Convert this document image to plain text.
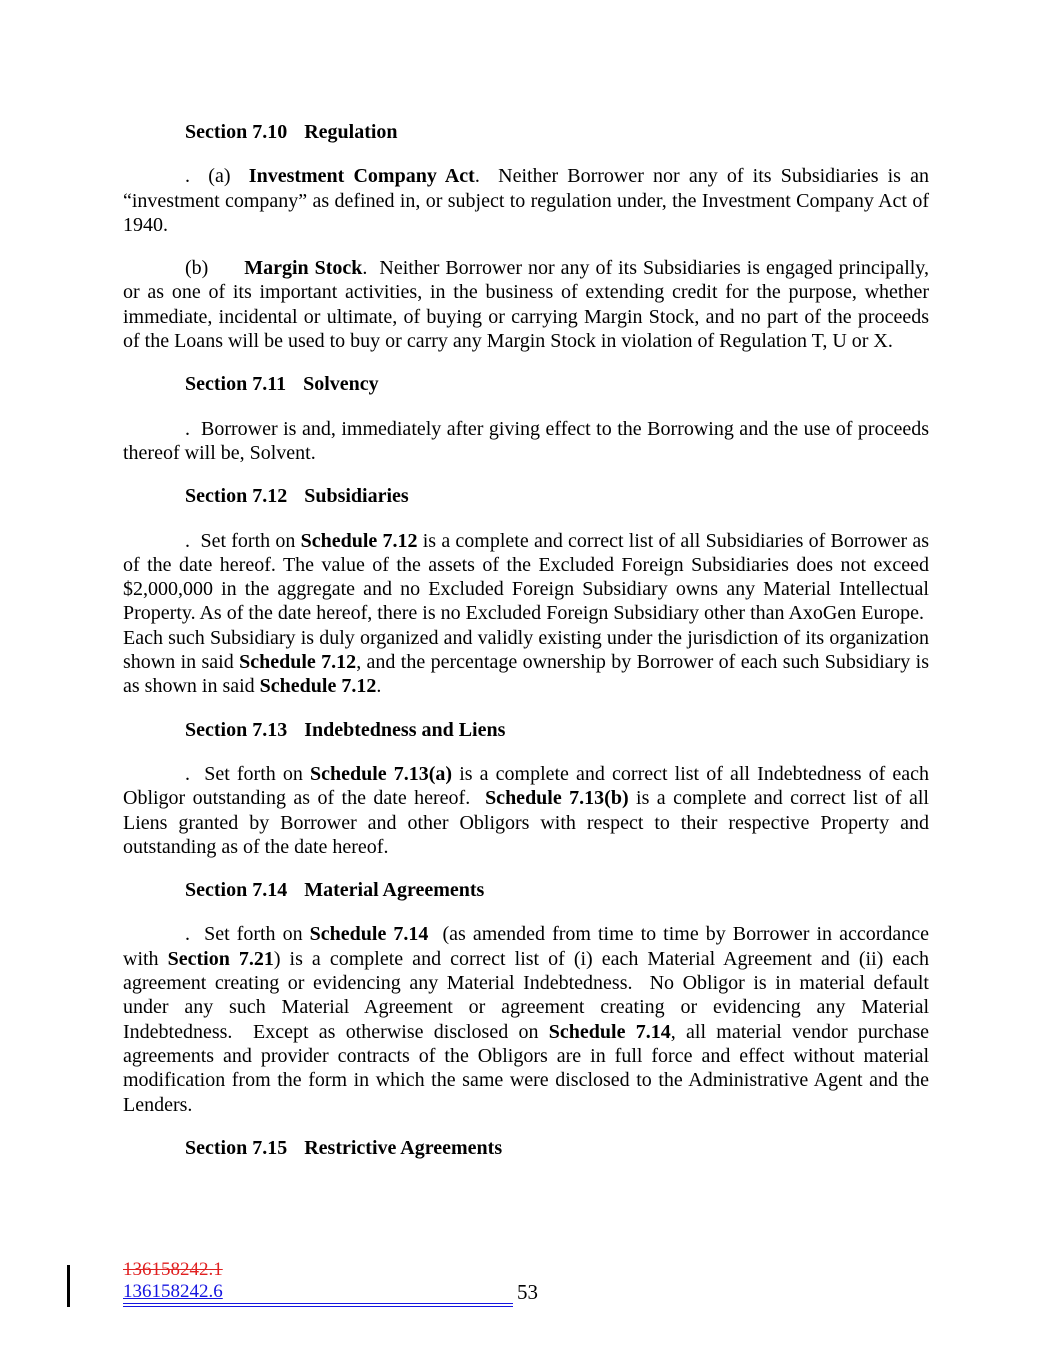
Section 7.10 Regulation

.  (a)  Investment Company Act.  Neither Borrower nor any of its Subsidiaries is an “investment company” as defined in, or subject to regulation under, the Investment Company Act of 1940.

(b)      Margin Stock.  Neither Borrower nor any of its Subsidiaries is engaged principally, or as one of its important activities, in the business of extending credit for the purpose, whether immediate, incidental or ultimate, of buying or carrying Margin Stock, and no part of the proceeds of the Loans will be used to buy or carry any Margin Stock in violation of Regulation T, U or X.

Section 7.11 Solvency

.  Borrower is and, immediately after giving effect to the Borrowing and the use of proceeds thereof will be, Solvent.

Section 7.12 Subsidiaries

.  Set forth on Schedule 7.12 is a complete and correct list of all Subsidiaries of Borrower as of the date hereof. The value of the assets of the Excluded Foreign Subsidiaries does not exceed $2,000,000 in the aggregate and no Excluded Foreign Subsidiary owns any Material Intellectual Property. As of the date hereof, there is no Excluded Foreign Subsidiary other than AxoGen Europe.  Each such Subsidiary is duly organized and validly existing under the jurisdiction of its organization shown in said Schedule 7.12, and the percentage ownership by Borrower of each such Subsidiary is as shown in said Schedule 7.12.

Section 7.13 Indebtedness and Liens

.  Set forth on Schedule 7.13(a) is a complete and correct list of all Indebtedness of each Obligor outstanding as of the date hereof.  Schedule 7.13(b) is a complete and correct list of all Liens granted by Borrower and other Obligors with respect to their respective Property and outstanding as of the date hereof.

Section 7.14 Material Agreements

.  Set forth on Schedule 7.14  (as amended from time to time by Borrower in accordance with Section 7.21) is a complete and correct list of (i) each Material Agreement and (ii) each agreement creating or evidencing any Material Indebtedness.  No Obligor is in material default under any such Material Agreement or agreement creating or evidencing any Material Indebtedness.  Except as otherwise disclosed on Schedule 7.14, all material vendor purchase agreements and provider contracts of the Obligors are in full force and effect without material modification from the form in which the same were disclosed to the Administrative Agent and the Lenders.

Section 7.15 Restrictive Agreements

136158242.1
136158242.6	53
